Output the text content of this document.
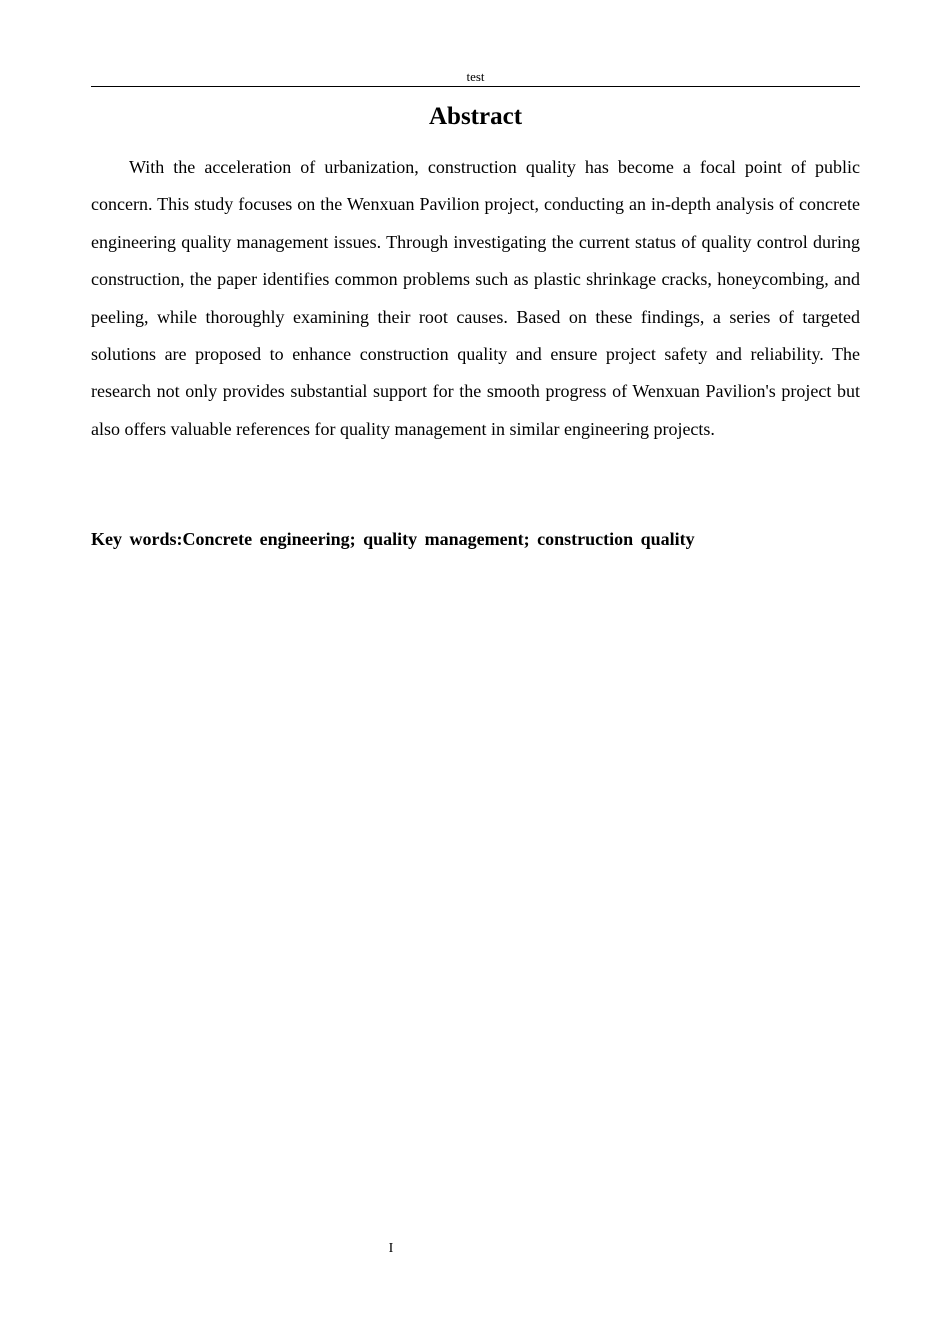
test
Abstract

With the acceleration of urbanization, construction quality has become a focal point of public concern. This study focuses on the Wenxuan Pavilion project, conducting an in-depth analysis of concrete engineering quality management issues. Through investigating the current status of quality control during construction, the paper identifies common problems such as plastic shrinkage cracks, honeycombing, and peeling, while thoroughly examining their root causes. Based on these findings, a series of targeted solutions are proposed to enhance construction quality and ensure project safety and reliability. The research not only provides substantial support for the smooth progress of Wenxuan Pavilion's project but also offers valuable references for quality management in similar engineering projects.

Key words:Concrete engineering; quality management; construction quality

I
